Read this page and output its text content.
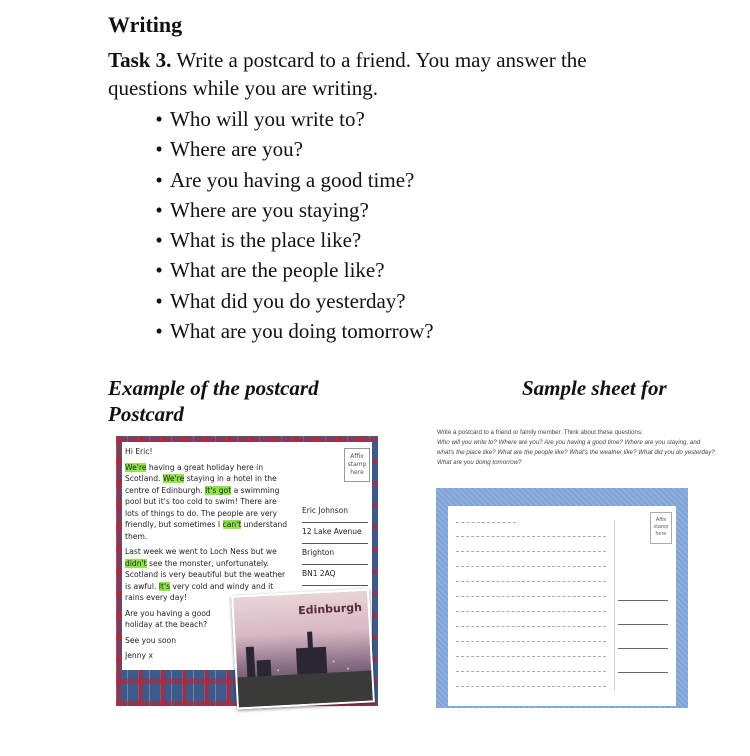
Writing
Task 3. Write a postcard to a friend. You may answer the questions while you are writing.
• Who will you write to?
• Where are you?
• Are you having a good time?
• Where are you staying?
• What is the place like?
• What are the people like?
• What did you do yesterday?
• What are you doing tomorrow?
Example of the postcard
Postcard
Sample sheet for

Hi Eric!

We're having a great holiday here in Scotland. We're staying in a hotel in the centre of Edinburgh. It's got a swimming pool but it's too cold to swim! There are lots of things to do. The people are very friendly, but sometimes I can't understand them.

Last week we went to Loch Ness but we didn't see the monster, unfortunately. Scotland is very beautiful but the weather is awful. It's very cold and windy and it rains every day!

Are you having a good holiday at the beach?

See you soon

Jenny x

Affix stamp here
Eric Johnson
12 Lake Avenue
Brighton
BN1 2AQ
Edinburgh
Write a postcard to a friend or family member. Think about these questions:
Who will you write to? Where are you? Are you having a good time? Where are you staying, and what's the place like? What are the people like? What's the weather like? What did you do yesterday? What are you doing tomorrow?
Affix stamp here
